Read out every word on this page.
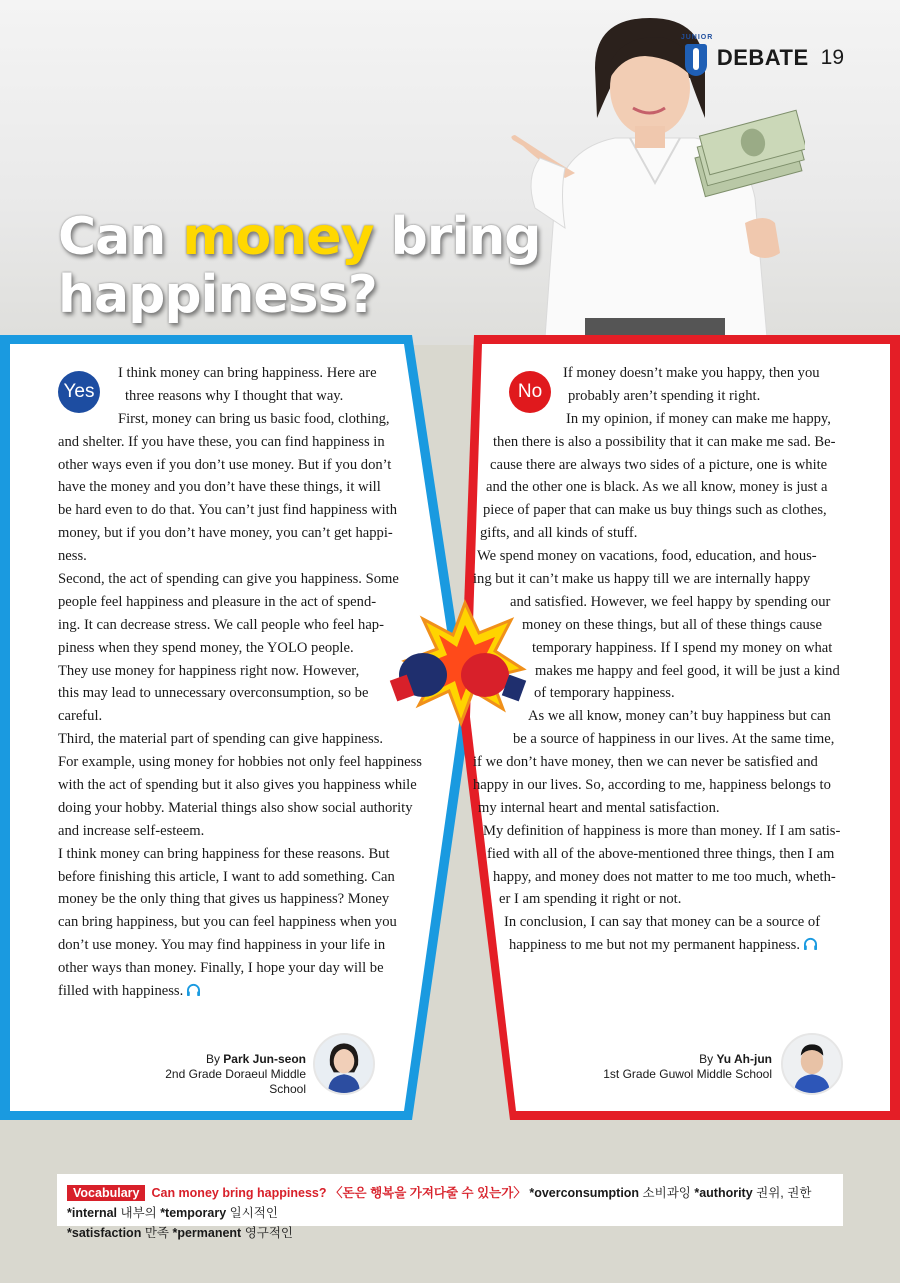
JUNIOR
DEBATE 19
Can money bring
happiness?
Yes	No
I think money can bring happiness. Here are
three reasons why I thought that way.
First, money can bring us basic food, clothing,
and shelter. If you have these, you can find happiness in
other ways even if you don’t use money. But if you don’t
have the money and you don’t have these things, it will
be hard even to do that. You can’t just find happiness with
money, but if you don’t have money, you can’t get happi-
ness.
Second, the act of spending can give you happiness. Some
people feel happiness and pleasure in the act of spend-
ing. It can decrease stress. We call people who feel hap-
piness when they spend money, the YOLO people.
They use money for happiness right now. However,
this may lead to unnecessary overconsumption, so be
careful.
Third, the material part of spending can give happiness.
For example, using money for hobbies not only feel happiness
with the act of spending but it also gives you happiness while
doing your hobby. Material things also show social authority
and increase self-esteem.
I think money can bring happiness for these reasons. But
before finishing this article, I want to add something. Can
money be the only thing that gives us happiness? Money
can bring happiness, but you can feel happiness when you
don’t use money. You may find happiness in your life in
other ways than money. Finally, I hope your day will be
filled with happiness.
If money doesn’t make you happy, then you
probably aren’t spending it right.
In my opinion, if money can make me happy,
then there is also a possibility that it can make me sad. Be-
cause there are always two sides of a picture, one is white
and the other one is black. As we all know, money is just a
piece of paper that can make us buy things such as clothes,
gifts, and all kinds of stuff.
We spend money on vacations, food, education, and hous-
ing but it can’t make us happy till we are internally happy
and satisfied. However, we feel happy by spending our
money on these things, but all of these things cause
temporary happiness. If I spend my money on what
makes me happy and feel good, it will be just a kind
of temporary happiness.
As we all know, money can’t buy happiness but can
be a source of happiness in our lives. At the same time,
if we don’t have money, then we can never be satisfied and
happy in our lives. So, according to me, happiness belongs to
my internal heart and mental satisfaction.
My definition of happiness is more than money. If I am satis-
fied with all of the above-mentioned three things, then I am
happy, and money does not matter to me too much, wheth-
er I am spending it right or not.
In conclusion, I can say that money can be a source of
happiness to me but not my permanent happiness.
By Park Jun-seon
2nd Grade Doraeul Middle School
By Yu Ah-jun
1st Grade Guwol Middle School
Vocabulary Can money bring happiness? 〈돈은 행복을 가져다줄 수 있는가〉 *overconsumption 소비과잉 *authority 권위, 권한 *internal 내부의 *temporary 일시적인
*satisfaction 만족 *permanent 영구적인
